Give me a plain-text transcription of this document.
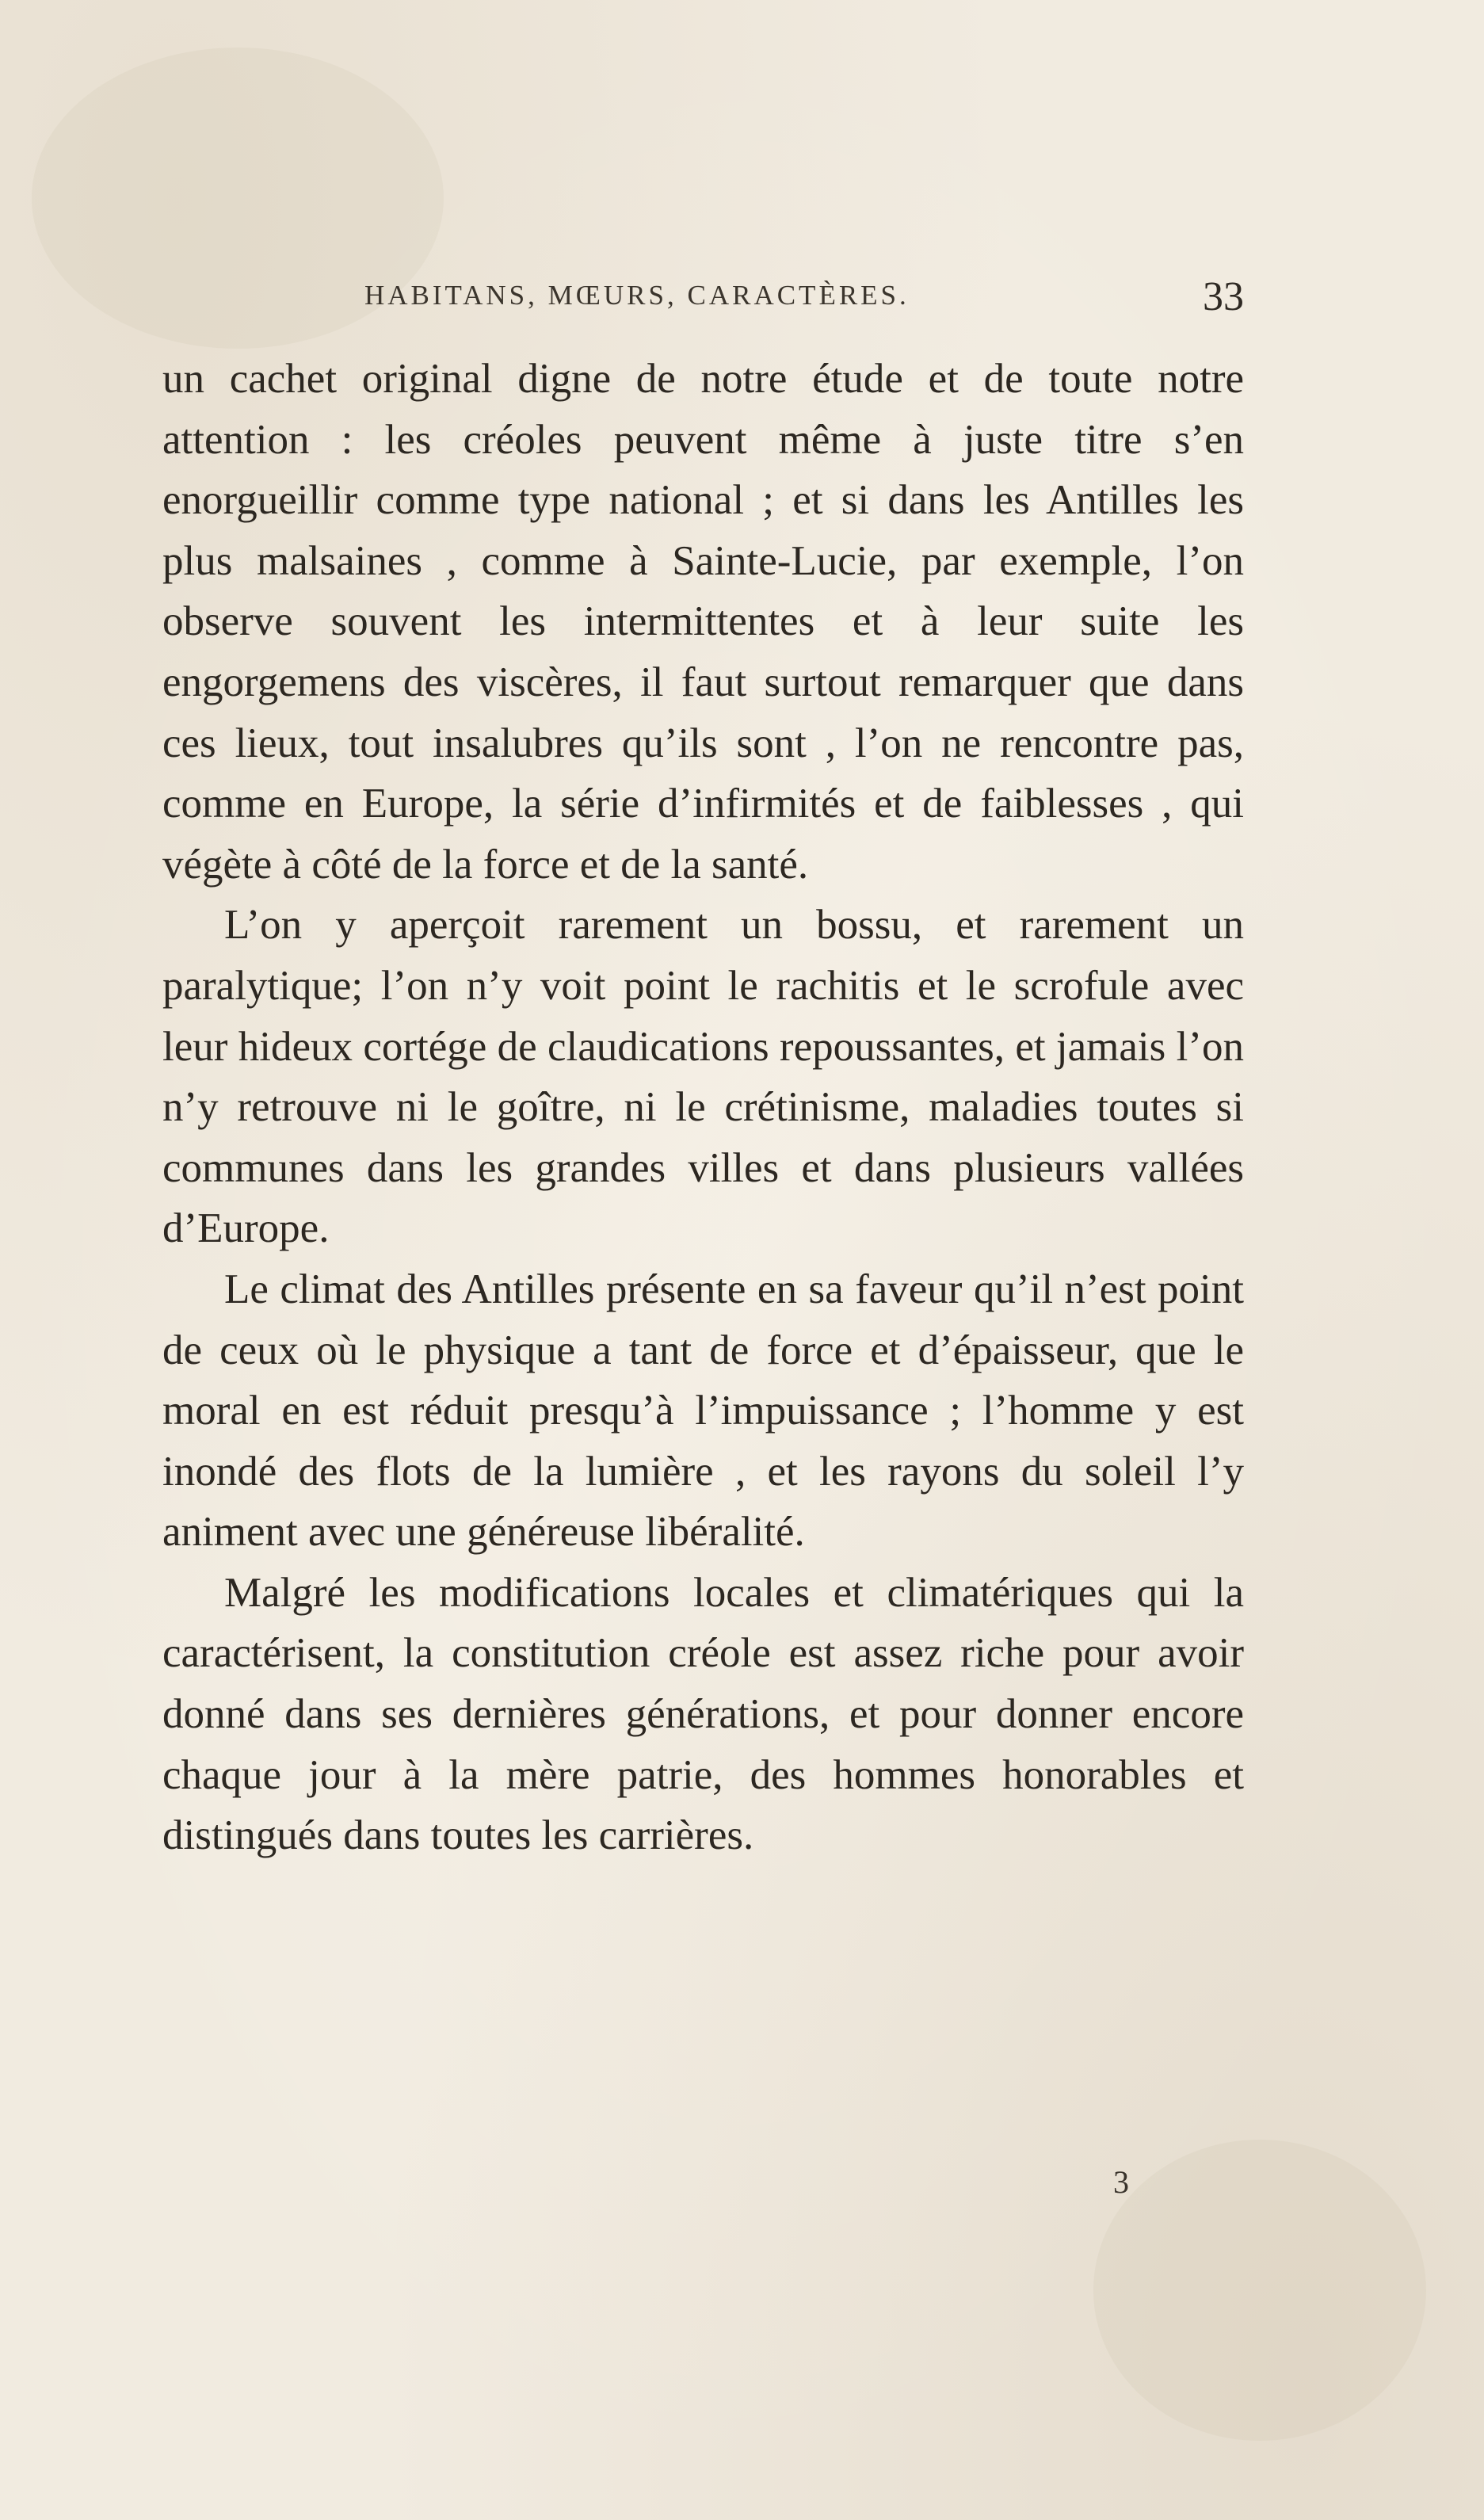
HABITANS, MŒURS, CARACTÈRES.	33

un cachet original digne de notre étude et de toute notre attention : les créoles peuvent même à juste titre s’en enorgueillir comme type national ; et si dans les Antilles les plus malsaines , comme à Sainte-Lucie, par exemple, l’on observe souvent les intermittentes et à leur suite les engorgemens des viscères, il faut surtout remarquer que dans ces lieux, tout insalubres qu’ils sont , l’on ne rencontre pas, comme en Europe, la série d’infirmités et de faiblesses , qui végète à côté de la force et de la santé.

L’on y aperçoit rarement un bossu, et rarement un paralytique; l’on n’y voit point le rachitis et le scrofule avec leur hideux cortége de claudications repoussantes, et jamais l’on n’y retrouve ni le goître, ni le crétinisme, maladies toutes si communes dans les grandes villes et dans plusieurs vallées d’Europe.

Le climat des Antilles présente en sa faveur qu’il n’est point de ceux où le physique a tant de force et d’épaisseur, que le moral en est réduit presqu’à l’impuissance ; l’homme y est inondé des flots de la lumière , et les rayons du soleil l’y animent avec une généreuse libéralité.

Malgré les modifications locales et climatériques qui la caractérisent, la constitution créole est assez riche pour avoir donné dans ses dernières générations, et pour donner encore chaque jour à la mère patrie, des hommes honorables et distingués dans toutes les carrières.

3
